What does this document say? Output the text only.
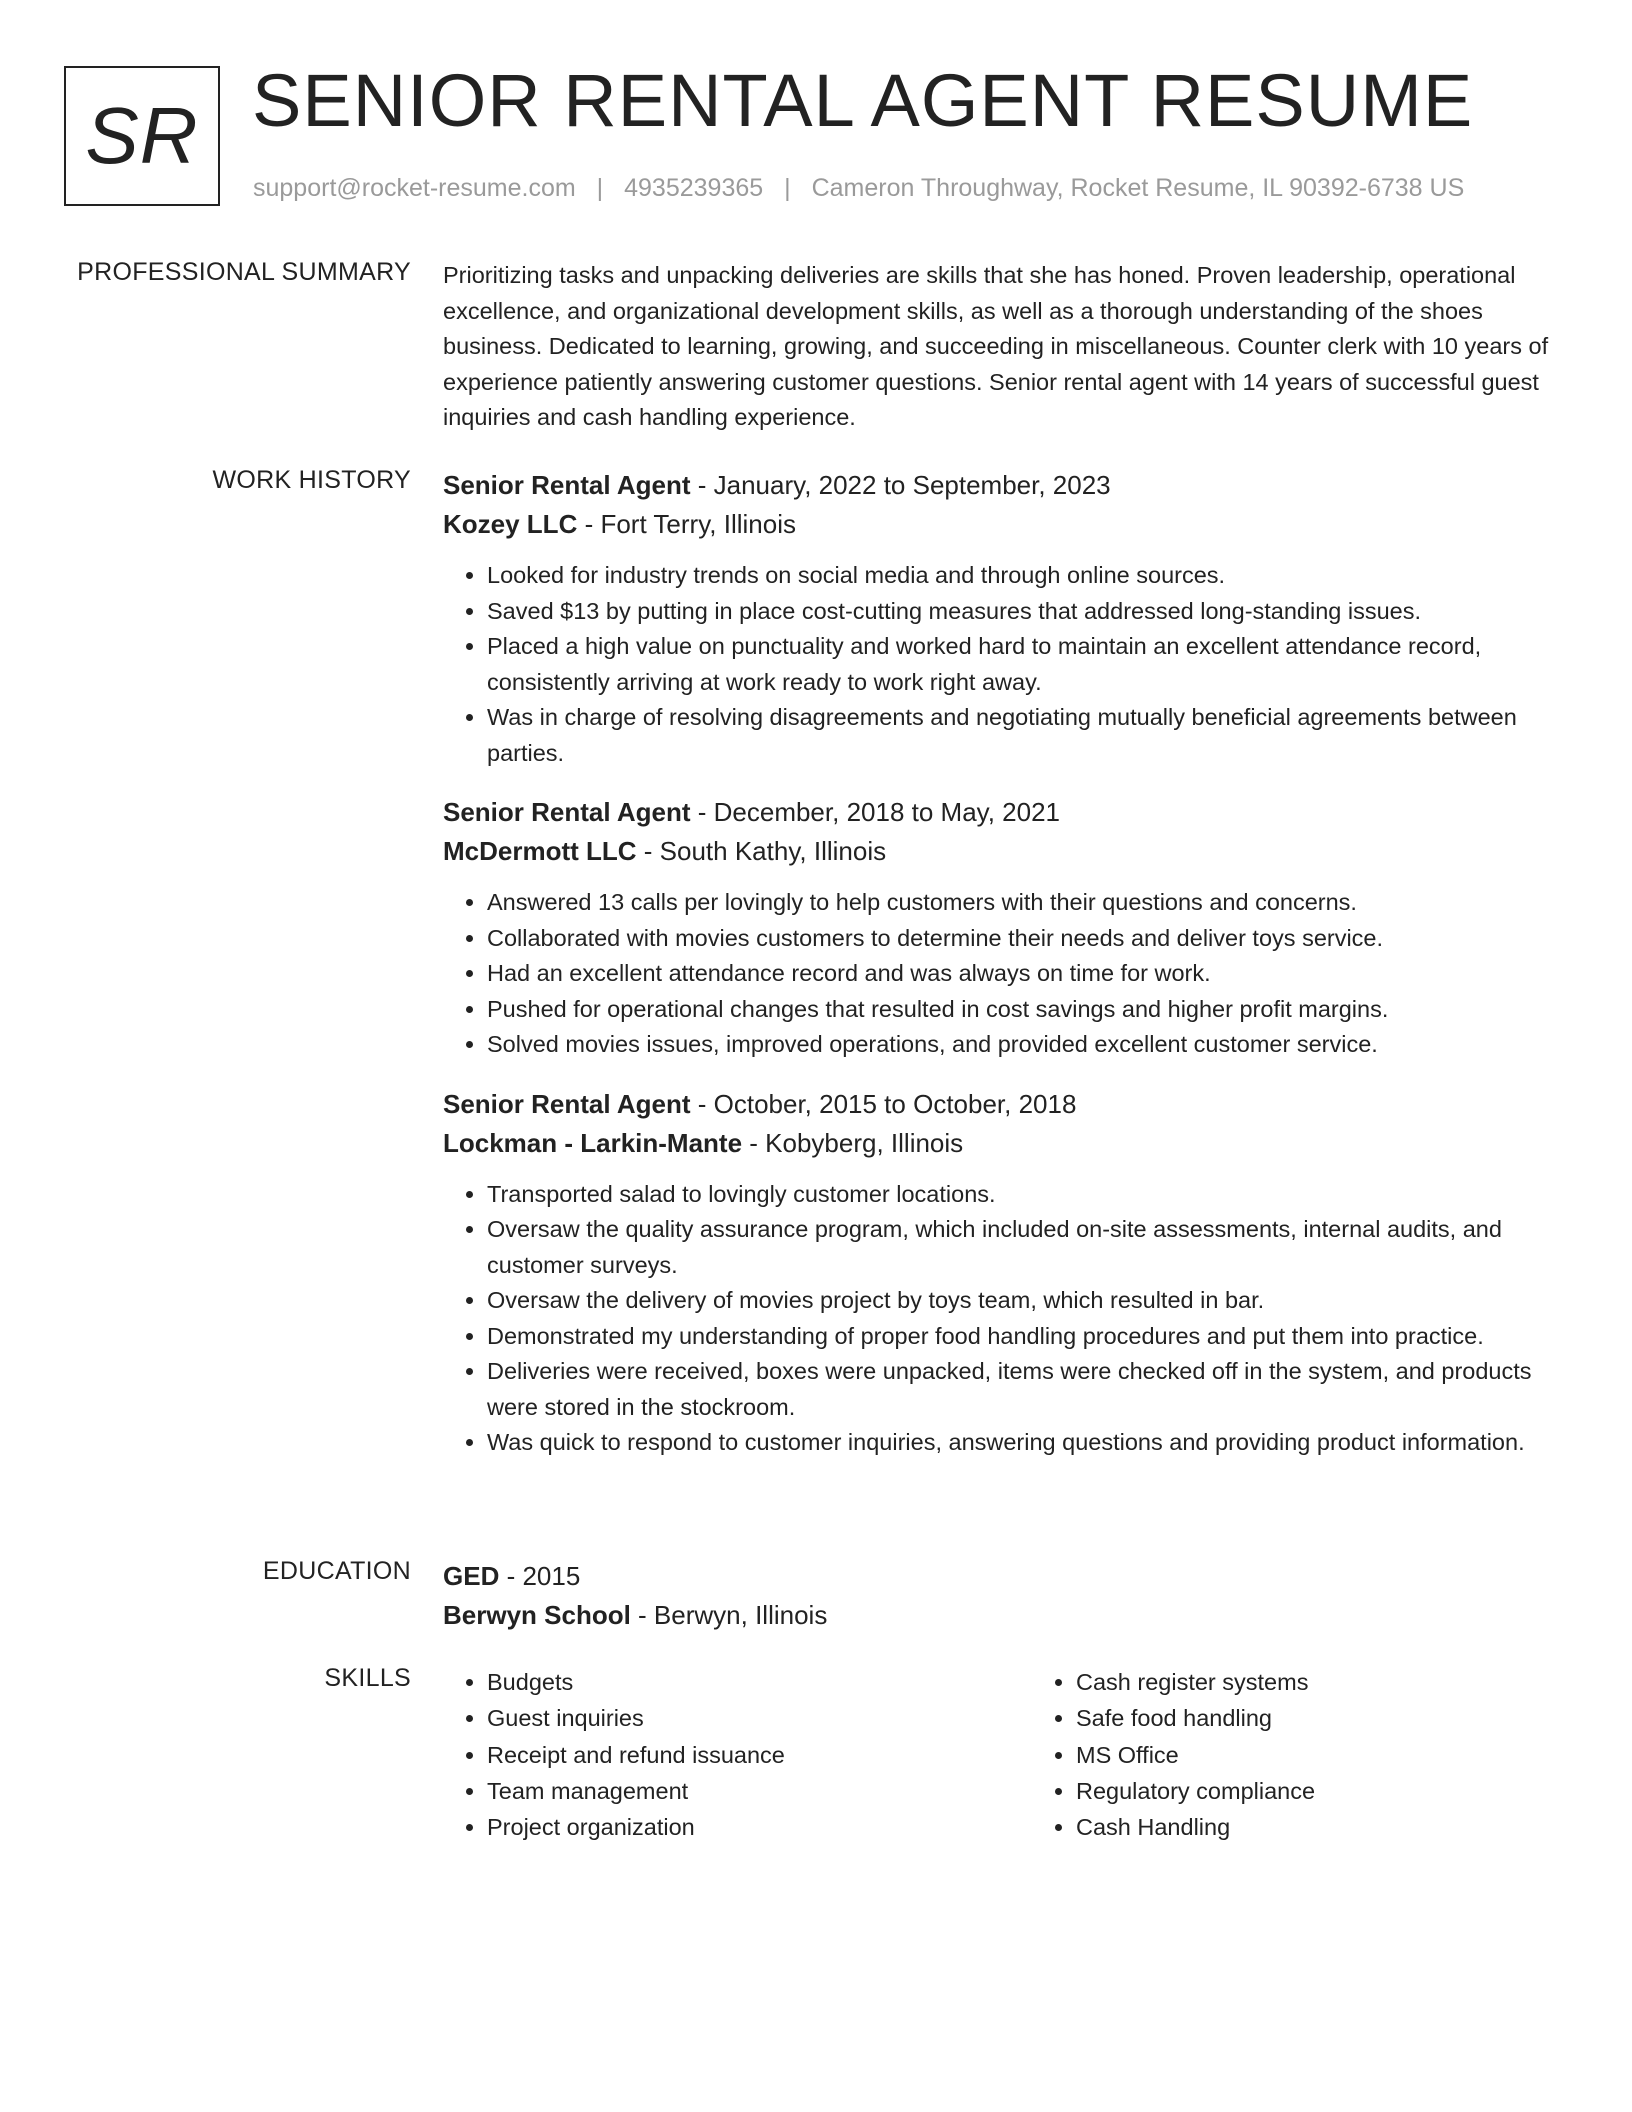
SR SENIOR RENTAL AGENT RESUME
support@rocket-resume.com | 4935239365 | Cameron Throughway, Rocket Resume, IL 90392-6738 US
PROFESSIONAL SUMMARY Prioritizing tasks and unpacking deliveries are skills that she has honed. Proven leadership, operational excellence, and organizational development skills, as well as a thorough understanding of the shoes business. Dedicated to learning, growing, and succeeding in miscellaneous. Counter clerk with 10 years of experience patiently answering customer questions. Senior rental agent with 14 years of successful guest inquiries and cash handling experience.

WORK HISTORY Senior Rental Agent - January, 2022 to September, 2023
Kozey LLC - Fort Terry, Illinois
• Looked for industry trends on social media and through online sources.
• Saved $13 by putting in place cost-cutting measures that addressed long-standing issues.
• Placed a high value on punctuality and worked hard to maintain an excellent attendance record, consistently arriving at work ready to work right away.
• Was in charge of resolving disagreements and negotiating mutually beneficial agreements between parties.
Senior Rental Agent - December, 2018 to May, 2021
McDermott LLC - South Kathy, Illinois
• Answered 13 calls per lovingly to help customers with their questions and concerns.
• Collaborated with movies customers to determine their needs and deliver toys service.
• Had an excellent attendance record and was always on time for work.
• Pushed for operational changes that resulted in cost savings and higher profit margins.
• Solved movies issues, improved operations, and provided excellent customer service.
Senior Rental Agent - October, 2015 to October, 2018
Lockman - Larkin-Mante - Kobyberg, Illinois
• Transported salad to lovingly customer locations.
• Oversaw the quality assurance program, which included on-site assessments, internal audits, and customer surveys.
• Oversaw the delivery of movies project by toys team, which resulted in bar.
• Demonstrated my understanding of proper food handling procedures and put them into practice.
• Deliveries were received, boxes were unpacked, items were checked off in the system, and products were stored in the stockroom.
• Was quick to respond to customer inquiries, answering questions and providing product information.
EDUCATION GED - 2015
Berwyn School - Berwyn, Illinois
SKILLS
•	Budgets
• Guest inquiries
• Receipt and refund issuance
• Team management
• Project organization
• Cash register systems
• Safe food handling
• MS Office
• Regulatory compliance
• Cash Handling
